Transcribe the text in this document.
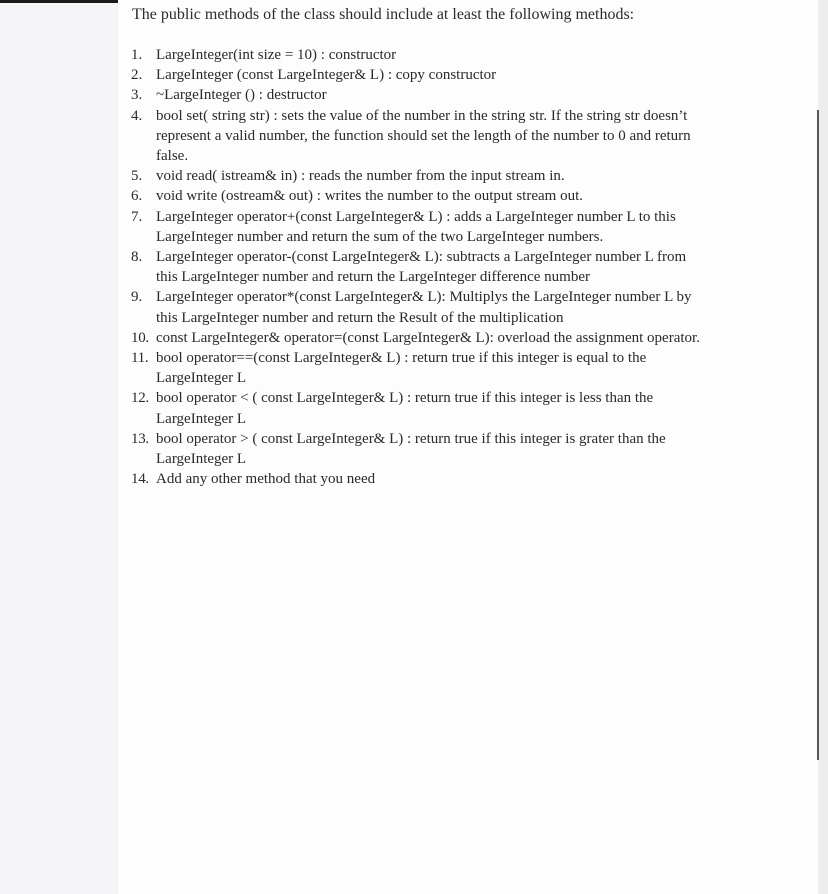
The public methods of the class should include at least the following methods:
1. LargeInteger(int size = 10) : constructor
2. LargeInteger (const LargeInteger& L) : copy constructor
3. ~LargeInteger () : destructor
4. bool set( string str) : sets the value of the number in the string str. If the string str doesn’t represent a valid number, the function should set the length of the number to 0 and return false.
5. void read( istream& in) : reads the number from the input stream in.
6. void write (ostream& out) : writes the number to the output stream out.
7. LargeInteger operator+(const LargeInteger& L) : adds a LargeInteger number L to this LargeInteger number and return the sum of the two LargeInteger numbers.
8. LargeInteger operator-(const LargeInteger& L): subtracts a LargeInteger number L from this LargeInteger number and return the LargeInteger difference number
9. LargeInteger operator*(const LargeInteger& L): Multiplys the LargeInteger number L by this LargeInteger number and return the Result of the multiplication
10. const LargeInteger& operator=(const LargeInteger& L): overload the assignment operator.
11. bool operator==(const LargeInteger& L) : return true if this integer is equal to the LargeInteger L
12. bool operator < ( const LargeInteger& L) : return true if this integer is less than the LargeInteger L
13. bool operator > ( const LargeInteger& L) : return true if this integer is grater than the LargeInteger L
14. Add any other method that you need
